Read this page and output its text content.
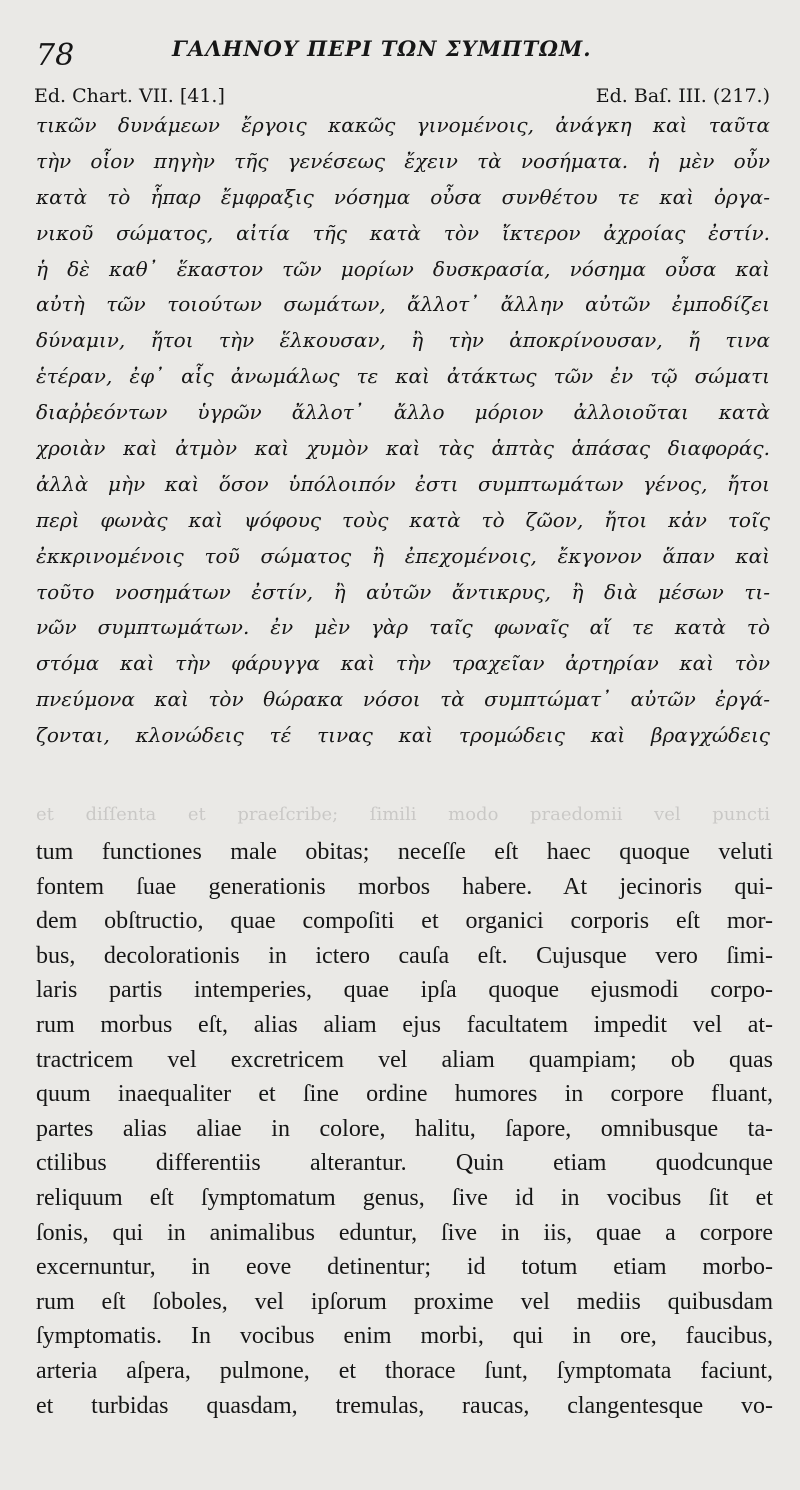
78	ΓΑΛΗΝΟΥ ΠΕΡΙ ΤΩΝ ΣΥΜΠΤΩΜ.
Ed. Chart. VII. [41.]	Ed. Baſ. III. (217.)
τικῶν δυνάμεων ἔργοις κακῶς γινομένοις, ἀνάγκη καὶ ταῦτα
τὴν οἷον πηγὴν τῆς γενέσεως ἔχειν τὰ νοσήματα. ἡ μὲν οὖν
κατὰ τὸ ἧπαρ ἔμφραξις νόσημα οὖσα συνθέτου τε καὶ ὀργα-
νικοῦ σώματος, αἰτία τῆς κατὰ τὸν ἴκτερον ἀχροίας ἐστίν.
ἡ δὲ καθ᾽ ἕκαστον τῶν μορίων δυσκρασία, νόσημα οὖσα καὶ
αὐτὴ τῶν τοιούτων σωμάτων, ἄλλοτ᾽ ἄλλην αὐτῶν ἐμποδίζει
δύναμιν, ἤτοι τὴν ἕλκουσαν, ἢ τὴν ἀποκρίνουσαν, ἤ τινα
ἑτέραν, ἐφ᾽ αἷς ἀνωμάλως τε καὶ ἀτάκτως τῶν ἐν τῷ σώματι
διαῤῥεόντων ὑγρῶν ἄλλοτ᾽ ἄλλο μόριον ἀλλοιοῦται κατὰ
χροιὰν καὶ ἀτμὸν καὶ χυμὸν καὶ τὰς ἁπτὰς ἁπάσας διαφοράς.
ἀλλὰ μὴν καὶ ὅσον ὑπόλοιπόν ἐστι συμπτωμάτων γένος, ἤτοι
περὶ φωνὰς καὶ ψόφους τοὺς κατὰ τὸ ζῶον, ἤτοι κἀν τοῖς
ἐκκρινομένοις τοῦ σώματος ἢ ἐπεχομένοις, ἔκγονον ἅπαν καὶ
τοῦτο νοσημάτων ἐστίν, ἢ αὐτῶν ἄντικρυς, ἢ διὰ μέσων τι-
νῶν συμπτωμάτων. ἐν μὲν γὰρ ταῖς φωναῖς αἵ τε κατὰ τὸ
στόμα καὶ τὴν φάρυγγα καὶ τὴν τραχεῖαν ἀρτηρίαν καὶ τὸν
πνεύμονα καὶ τὸν θώρακα νόσοι τὰ συμπτώματ᾽ αὐτῶν ἐργά-
ζονται, κλονώδεις τέ τινας καὶ τρομώδεις καὶ βραγχώδεις
et diſſenta et praeſcribe; ſimili modo praedomii vel puncti
tum functiones male obitas; neceſſe eſt haec quoque veluti
fontem ſuae generationis morbos habere. At jecinoris qui-
dem obſtructio, quae compoſiti et organici corporis eſt mor-
bus, decolorationis in ictero cauſa eſt. Cujusque vero ſimi-
laris partis intemperies, quae ipſa quoque ejusmodi corpo-
rum morbus eſt, alias aliam ejus facultatem impedit vel at-
tractricem vel excretricem vel aliam quampiam; ob quas
quum inaequaliter et ſine ordine humores in corpore fluant,
partes alias aliae in colore, halitu, ſapore, omnibusque ta-
ctilibus differentiis alterantur. Quin etiam quodcunque
reliquum eſt ſymptomatum genus, ſive id in vocibus ſit et
ſonis, qui in animalibus eduntur, ſive in iis, quae a corpore
excernuntur, in eove detinentur; id totum etiam morbo-
rum eſt ſoboles, vel ipſorum proxime vel mediis quibusdam
ſymptomatis. In vocibus enim morbi, qui in ore, faucibus,
arteria aſpera, pulmone, et thorace ſunt, ſymptomata faciunt,
et turbidas quasdam, tremulas, raucas, clangentesque vo-
